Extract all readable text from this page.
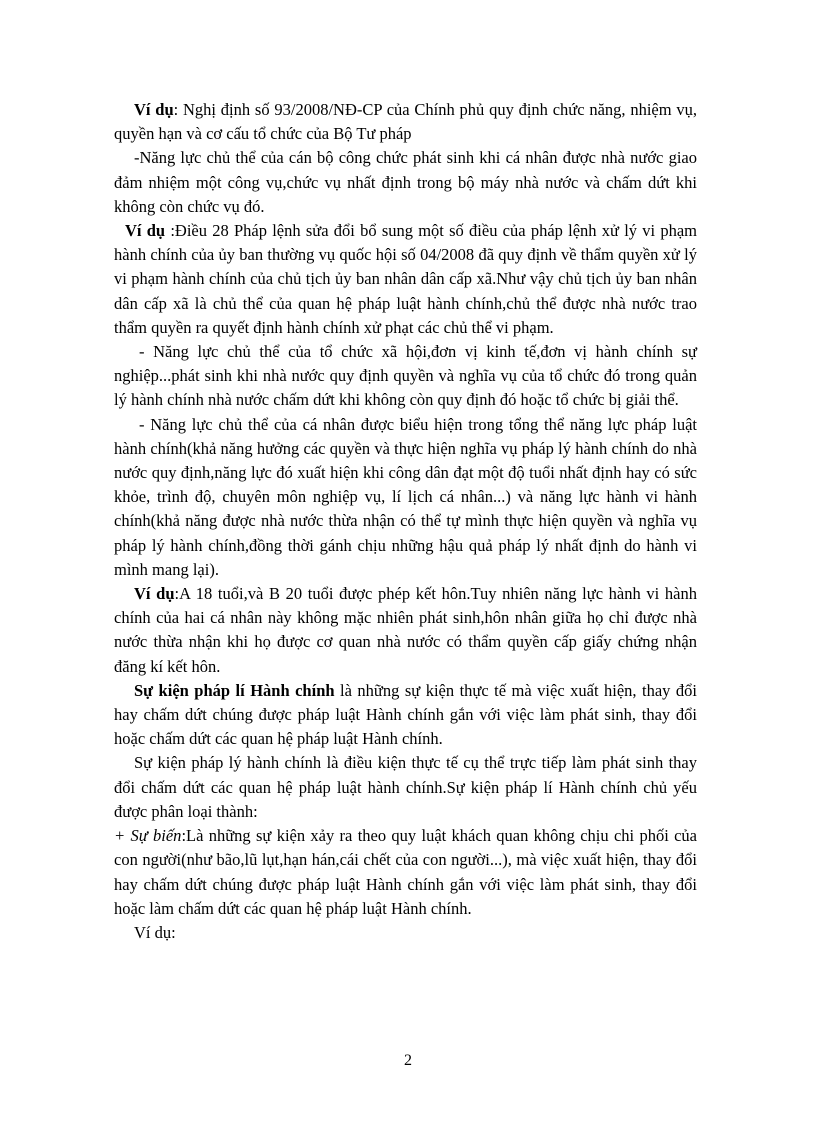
Ví dụ: Nghị định số 93/2008/NĐ-CP của Chính phủ quy định chức năng, nhiệm vụ, quyền hạn và cơ cấu tổ chức của Bộ Tư pháp

-Năng lực chủ thể của cán bộ công chức phát sinh khi cá nhân được nhà nước giao đảm nhiệm một công vụ,chức vụ nhất định trong bộ máy nhà nước và chấm dứt khi không còn chức vụ đó.

Ví dụ :Điều 28 Pháp lệnh sửa đổi bổ sung một số điều của pháp lệnh xử lý vi phạm hành chính của ủy ban thường vụ quốc hội số 04/2008 đã quy định về thẩm quyền xử lý vi phạm hành chính của chủ tịch ủy ban nhân dân cấp xã.Như vậy chủ tịch ủy ban nhân dân cấp xã là chủ thể của quan hệ pháp luật hành chính,chủ thể được nhà nước trao thẩm quyền ra quyết định hành chính xử phạt các chủ thể vi phạm.

- Năng lực chủ thể của tổ chức xã hội,đơn vị kinh tế,đơn vị hành chính sự nghiệp...phát sinh khi nhà nước quy định quyền và nghĩa vụ của tổ chức đó trong quản lý hành chính nhà nước chấm dứt khi không còn quy định đó hoặc tổ chức bị giải thể.

- Năng lực chủ thể của cá nhân được biểu hiện trong tổng thể năng lực pháp luật hành chính(khả năng hưởng các quyền và thực hiện nghĩa vụ pháp lý hành chính do nhà nước quy định,năng lực đó xuất hiện khi công dân đạt một độ tuổi nhất định hay có sức khỏe, trình độ, chuyên môn nghiệp vụ, lí lịch cá nhân...) và năng lực hành vi hành chính(khả năng được nhà nước thừa nhận có thể tự mình thực hiện quyền và nghĩa vụ pháp lý hành chính,đồng thời gánh chịu những hậu quả pháp lý nhất định do hành vi mình mang lại).

Ví dụ:A 18 tuổi,và B 20 tuổi được phép kết hôn.Tuy nhiên năng lực hành vi hành chính của hai cá nhân này không mặc nhiên phát sinh,hôn nhân giữa họ chỉ được nhà nước thừa nhận khi họ được cơ quan nhà nước có thẩm quyền cấp giấy chứng nhận đăng kí kết hôn.

Sự kiện pháp lí Hành chính là những sự kiện thực tế mà việc xuất hiện, thay đổi hay chấm dứt chúng được pháp luật Hành chính gắn với việc làm phát sinh, thay đổi hoặc chấm dứt các quan hệ pháp luật Hành chính.

Sự kiện pháp lý hành chính là điều kiện thực tế cụ thể trực tiếp làm phát sinh thay đổi chấm dứt các quan hệ pháp luật hành chính.Sự kiện pháp lí Hành chính chủ yếu được phân loại thành:

+ Sự biến:Là những sự kiện xảy ra theo quy luật khách quan không chịu chi phối của con người(như bão,lũ lụt,hạn hán,cái chết của con người...), mà việc xuất hiện, thay đổi hay chấm dứt chúng được pháp luật Hành chính gắn với việc làm phát sinh, thay đổi hoặc làm chấm dứt các quan hệ pháp luật Hành chính.

Ví dụ:

2
